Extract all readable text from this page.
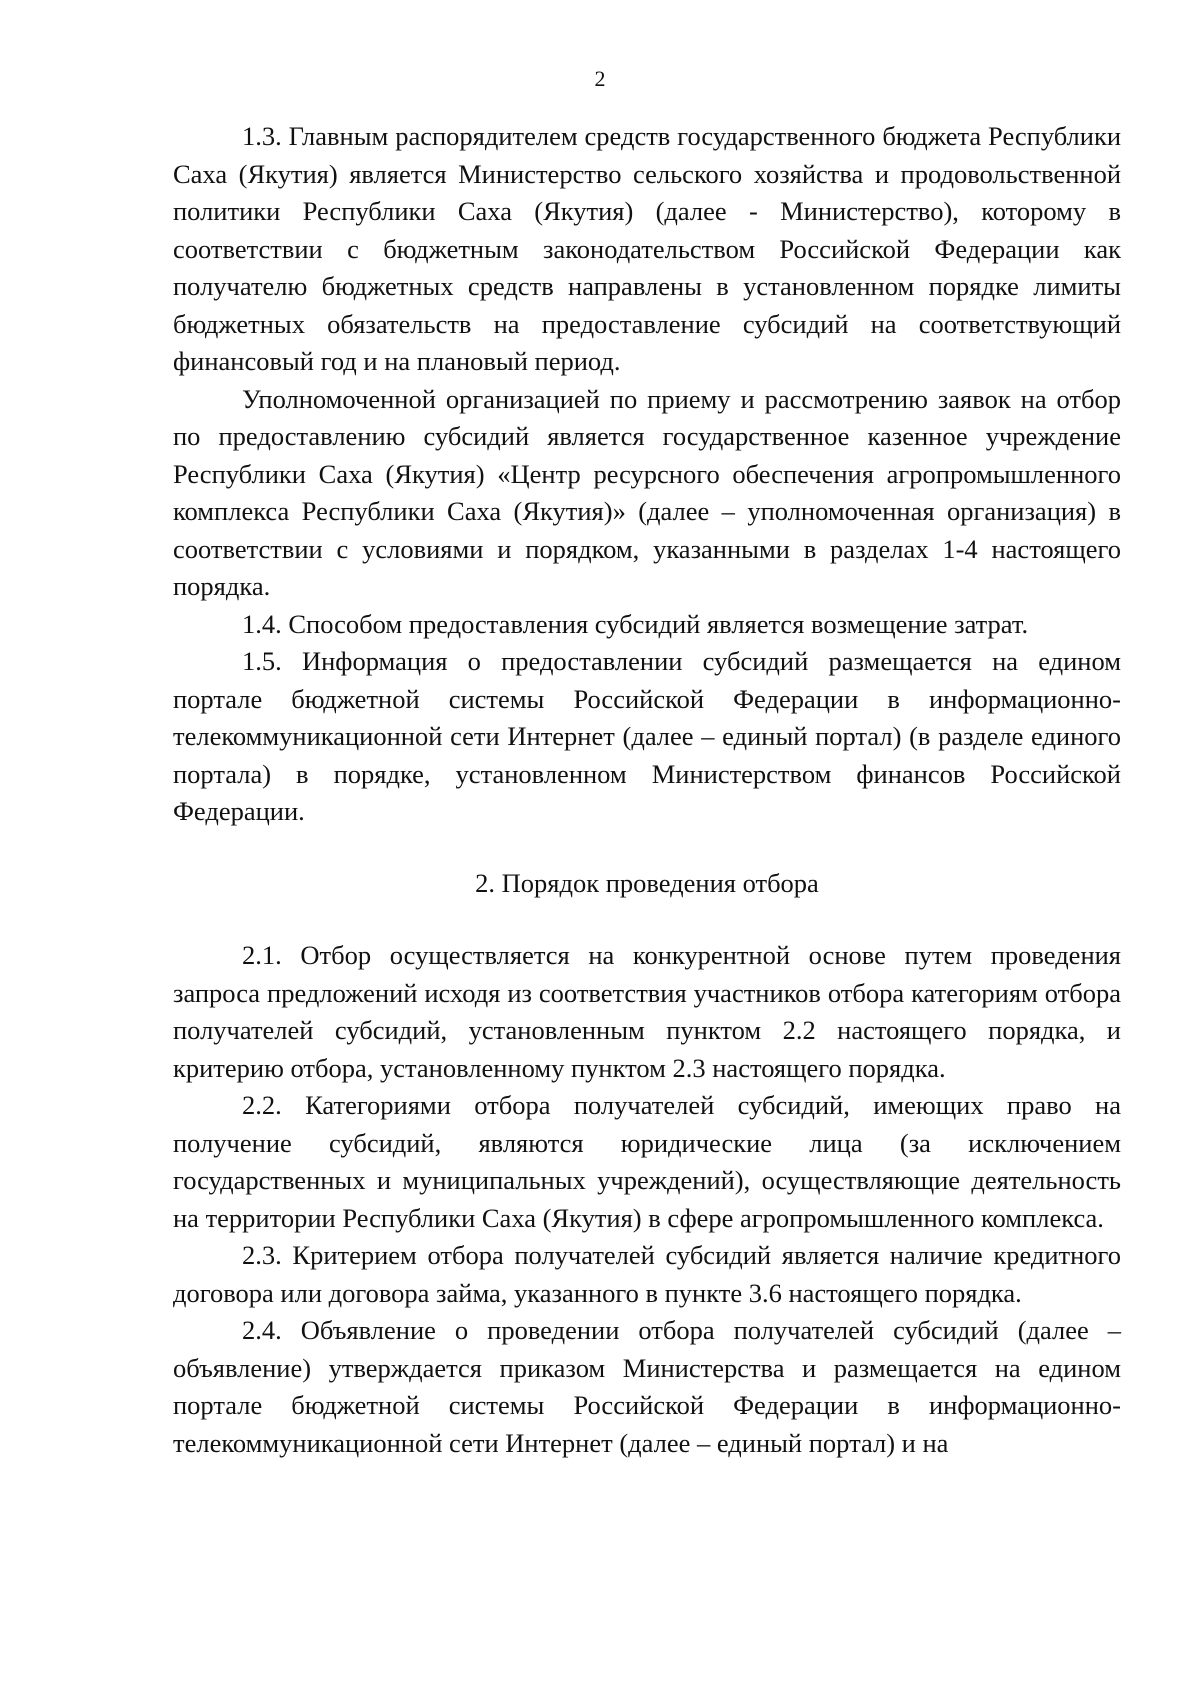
2

1.3. Главным распорядителем средств государственного бюджета Республики Саха (Якутия) является Министерство сельского хозяйства и продовольственной политики Республики Саха (Якутия) (далее - Министерство), которому в соответствии с бюджетным законодательством Российской Федерации как получателю бюджетных средств направлены в установленном порядке лимиты бюджетных обязательств на предоставление субсидий на соответствующий финансовый год и на плановый период.

Уполномоченной организацией по приему и рассмотрению заявок на отбор по предоставлению субсидий является государственное казенное учреждение Республики Саха (Якутия) «Центр ресурсного обеспечения агропромышленного комплекса Республики Саха (Якутия)» (далее – уполномоченная организация) в соответствии с условиями и порядком, указанными в разделах 1-4 настоящего порядка.

1.4. Способом предоставления субсидий является возмещение затрат.

1.5. Информация о предоставлении субсидий размещается на едином портале бюджетной системы Российской Федерации в информационно-телекоммуникационной сети Интернет (далее – единый портал) (в разделе единого портала) в порядке, установленном Министерством финансов Российской Федерации.

2. Порядок проведения отбора

2.1. Отбор осуществляется на конкурентной основе путем проведения запроса предложений исходя из соответствия участников отбора категориям отбора получателей субсидий, установленным пунктом 2.2 настоящего порядка, и критерию отбора, установленному пунктом 2.3 настоящего порядка.

2.2. Категориями отбора получателей субсидий, имеющих право на получение субсидий, являются юридические лица (за исключением государственных и муниципальных учреждений), осуществляющие деятельность на территории Республики Саха (Якутия) в сфере агропромышленного комплекса.

2.3. Критерием отбора получателей субсидий является наличие кредитного договора или договора займа, указанного в пункте 3.6 настоящего порядка.

2.4. Объявление о проведении отбора получателей субсидий (далее – объявление) утверждается приказом Министерства и размещается на едином портале бюджетной системы Российской Федерации в информационно-телекоммуникационной сети Интернет (далее – единый портал) и на
